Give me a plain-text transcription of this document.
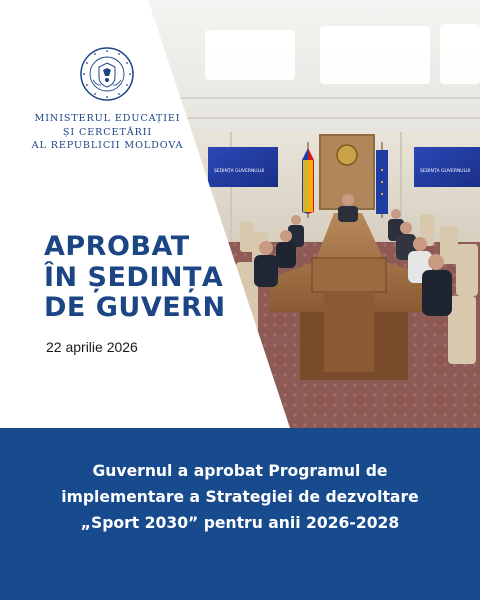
ȘEDINȚA GUVERNULUI	ȘEDINȚA GUVERNULUI
MINISTERUL EDUCAȚIEI
ȘI CERCETĂRII
AL REPUBLICII MOLDOVA
APROBAT
ÎN ȘEDINȚA
DE GUVERN
22 aprilie 2026
Guvernul a aprobat Programul de
implementare a Strategiei de dezvoltare
„Sport 2030” pentru anii 2026-2028
